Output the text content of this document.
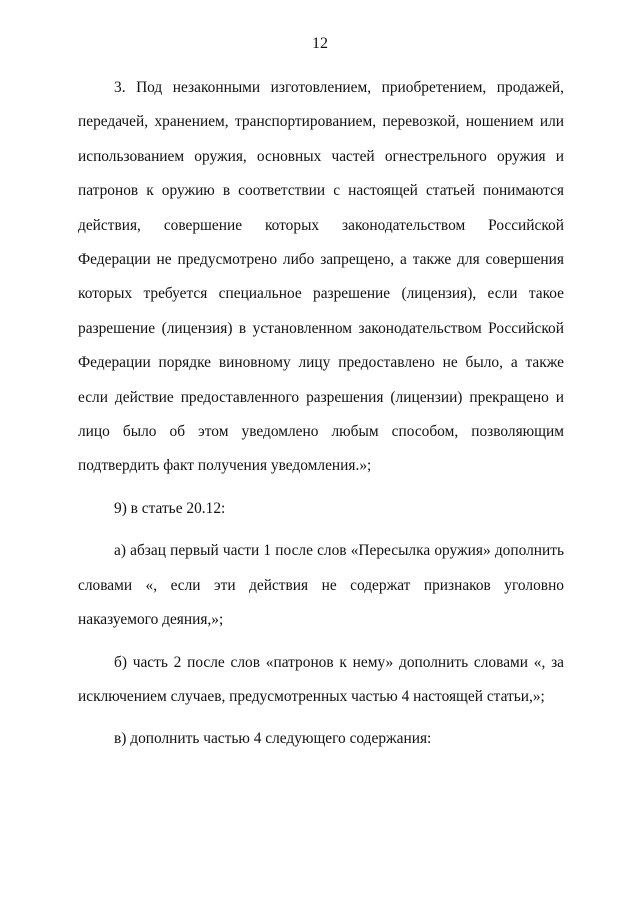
12

3. Под незаконными изготовлением, приобретением, продажей, передачей, хранением, транспортированием, перевозкой, ношением или использованием оружия, основных частей огнестрельного оружия и патронов к оружию в соответствии с настоящей статьей понимаются действия, совершение которых законодательством Российской Федерации не предусмотрено либо запрещено, а также для совершения которых требуется специальное разрешение (лицензия), если такое разрешение (лицензия) в установленном законодательством Российской Федерации порядке виновному лицу предоставлено не было, а также если действие предоставленного разрешения (лицензии) прекращено и лицо было об этом уведомлено любым способом, позволяющим подтвердить факт получения уведомления.»;

9) в статье 20.12:

а) абзац первый части 1 после слов «Пересылка оружия» дополнить словами «, если эти действия не содержат признаков уголовно наказуемого деяния,»;

б) часть 2 после слов «патронов к нему» дополнить словами «, за исключением случаев, предусмотренных частью 4 настоящей статьи,»;

в) дополнить частью 4 следующего содержания:
